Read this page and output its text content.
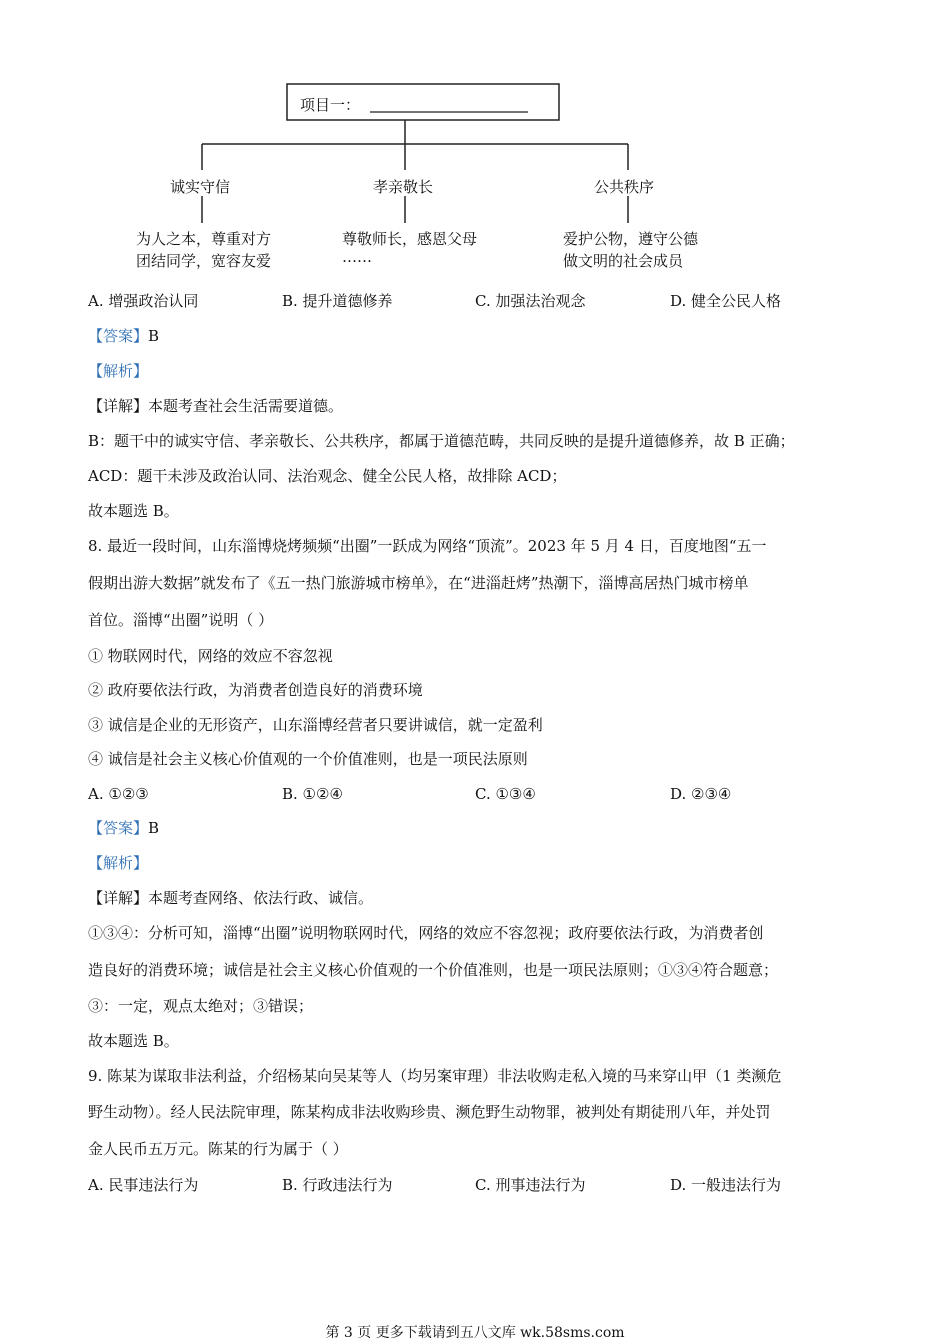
项目一：
诚实守信	孝亲敬长	公共秩序
为人之本，尊重对方
团结同学，宽容友爱
尊敬师长，感恩父母
……
爱护公物，遵守公德
做文明的社会成员
A. 增强政治认同	B. 提升道德修养	C. 加强法治观念	D. 健全公民人格
【答案】B
【解析】
【详解】本题考查社会生活需要道德。
B：题干中的诚实守信、孝亲敬长、公共秩序，都属于道德范畴，共同反映的是提升道德修养，故 B 正确；
ACD：题干未涉及政治认同、法治观念、健全公民人格，故排除 ACD；
故本题选 B。
8. 最近一段时间，山东淄博烧烤频频“出圈”一跃成为网络“顶流”。2023 年 5 月 4 日，百度地图“五一
假期出游大数据”就发布了《五一热门旅游城市榜单》，在“进淄赶烤”热潮下，淄博高居热门城市榜单
首位。淄博“出圈”说明（ ）
① 物联网时代，网络的效应不容忽视
② 政府要依法行政，为消费者创造良好的消费环境
③ 诚信是企业的无形资产，山东淄博经营者只要讲诚信，就一定盈利
④ 诚信是社会主义核心价值观的一个价值准则，也是一项民法原则
A. ①②③	B. ①②④	C. ①③④	D. ②③④
【答案】B
【解析】
【详解】本题考查网络、依法行政、诚信。
①③④：分析可知，淄博“出圈”说明物联网时代，网络的效应不容忽视；政府要依法行政，为消费者创
造良好的消费环境；诚信是社会主义核心价值观的一个价值准则，也是一项民法原则；①③④符合题意；
③：一定，观点太绝对；③错误；
故本题选 B。
9. 陈某为谋取非法利益，介绍杨某向吴某等人（均另案审理）非法收购走私入境的马来穿山甲（1 类濒危
野生动物）。经人民法院审理，陈某构成非法收购珍贵、濒危野生动物罪，被判处有期徒刑八年，并处罚
金人民币五万元。陈某的行为属于（ ）
A. 民事违法行为	B. 行政违法行为	C. 刑事违法行为	D. 一般违法行为
第 3 页 更多下载请到五八文库 wk.58sms.com
